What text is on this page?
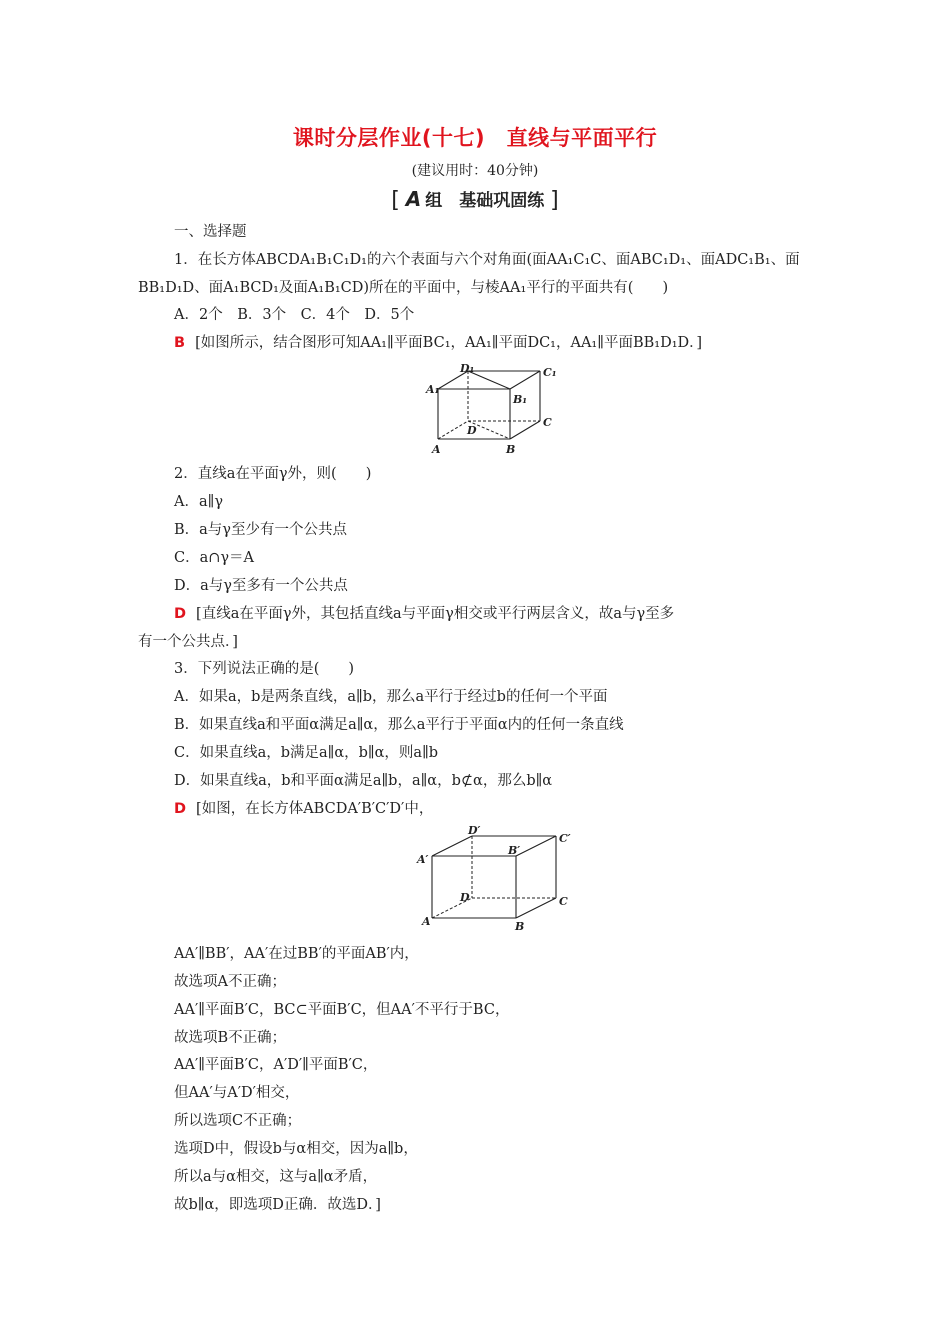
课时分层作业(十七)　直线与平面平行
(建议用时：40分钟)
[ A 组　基础巩固练 ]
一、选择题
1．在长方体ABCDA₁B₁C₁D₁的六个表面与六个对角面(面AA₁C₁C、面ABC₁D₁、面ADC₁B₁、面
BB₁D₁D、面A₁BCD₁及面A₁B₁CD)所在的平面中，与棱AA₁平行的平面共有(　　)
A．2个　B．3个　C．4个　D．5个
B [如图所示，结合图形可知AA₁∥平面BC₁，AA₁∥平面DC₁，AA₁∥平面BB₁D₁D．]
D₁	C₁
A₁
B₁
D
C
A	B
2．直线a在平面γ外，则(　　)
A．a∥γ
B．a与γ至少有一个公共点
C．a∩γ＝A
D．a与γ至多有一个公共点
D [直线a在平面γ外，其包括直线a与平面γ相交或平行两层含义，故a与γ至多
有一个公共点．]
3．下列说法正确的是(　　)
A．如果a，b是两条直线，a∥b，那么a平行于经过b的任何一个平面
B．如果直线a和平面α满足a∥α，那么a平行于平面α内的任何一条直线
C．如果直线a，b满足a∥α，b∥α，则a∥b
D．如果直线a，b和平面α满足a∥b，a∥α，b⊄α，那么b∥α
D [如图，在长方体ABCDA′B′C′D′中，
D′
C′
A′
B′
D	C
A	B
AA′∥BB′，AA′在过BB′的平面AB′内，
故选项A不正确；
AA′∥平面B′C，BC⊂平面B′C，但AA′不平行于BC，
故选项B不正确；
AA′∥平面B′C，A′D′∥平面B′C，
但AA′与A′D′相交，
所以选项C不正确；
选项D中，假设b与α相交，因为a∥b，
所以a与α相交，这与a∥α矛盾，
故b∥α，即选项D正确．故选D．]
